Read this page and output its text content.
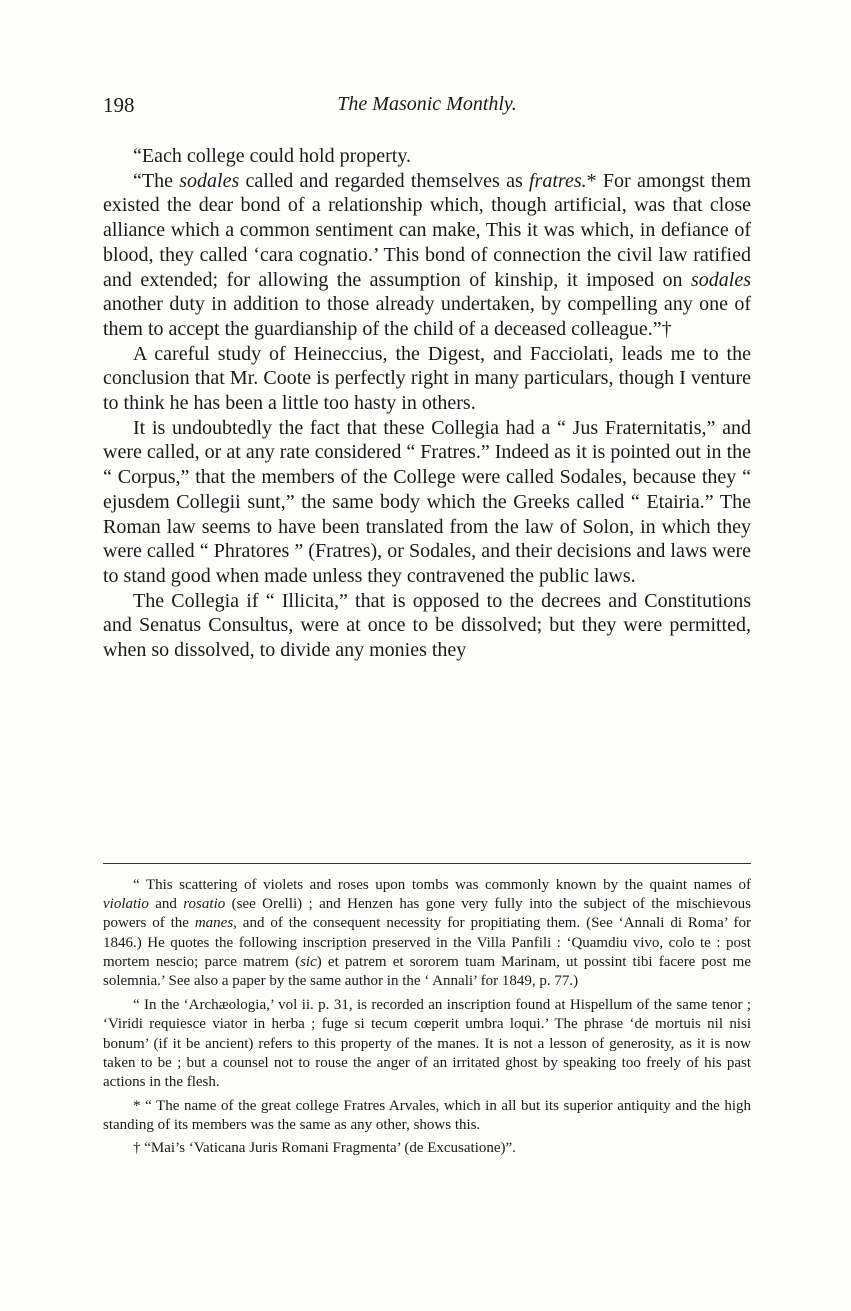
198	The Masonic Monthly.

“Each college could hold property.

“The sodales called and regarded themselves as fratres.* For amongst them existed the dear bond of a relationship which, though artificial, was that close alliance which a common sentiment can make, This it was which, in defiance of blood, they called ‘cara cognatio.’ This bond of connection the civil law ratified and extended; for allowing the assumption of kinship, it imposed on sodales another duty in addition to those already undertaken, by compelling any one of them to accept the guardianship of the child of a deceased colleague.”†

A careful study of Heineccius, the Digest, and Facciolati, leads me to the conclusion that Mr. Coote is perfectly right in many particulars, though I venture to think he has been a little too hasty in others.

It is undoubtedly the fact that these Collegia had a “ Jus Fraternitatis,” and were called, or at any rate considered “ Fratres.” Indeed as it is pointed out in the “ Corpus,” that the members of the College were called Sodales, because they “ ejusdem Collegii sunt,” the same body which the Greeks called “ Etairia.” The Roman law seems to have been translated from the law of Solon, in which they were called “ Phratores ” (Fratres), or Sodales, and their decisions and laws were to stand good when made unless they contravened the public laws.

The Collegia if “ Illicita,” that is opposed to the decrees and Constitutions and Senatus Consultus, were at once to be dissolved; but they were permitted, when so dissolved, to divide any monies they

“ This scattering of violets and roses upon tombs was commonly known by the quaint names of violatio and rosatio (see Orelli) ; and Henzen has gone very fully into the subject of the mischievous powers of the manes, and of the consequent necessity for propitiating them. (See ‘Annali di Roma’ for 1846.) He quotes the following inscription preserved in the Villa Panfili : ‘Quamdiu vivo, colo te : post mortem nescio; parce matrem (sic) et patrem et sororem tuam Marinam, ut possint tibi facere post me solemnia.’ See also a paper by the same author in the ‘ Annali’ for 1849, p. 77.)

“ In the ‘Archæologia,’ vol ii. p. 31, is recorded an inscription found at Hispellum of the same tenor ; ‘Viridi requiesce viator in herba ; fuge si tecum cœperit umbra loqui.’ The phrase ‘de mortuis nil nisi bonum’ (if it be ancient) refers to this property of the manes. It is not a lesson of generosity, as it is now taken to be ; but a counsel not to rouse the anger of an irritated ghost by speaking too freely of his past actions in the flesh.

* “ The name of the great college Fratres Arvales, which in all but its superior antiquity and the high standing of its members was the same as any other, shows this.

† “Mai’s ‘Vaticana Juris Romani Fragmenta’ (de Excusatione)”.
